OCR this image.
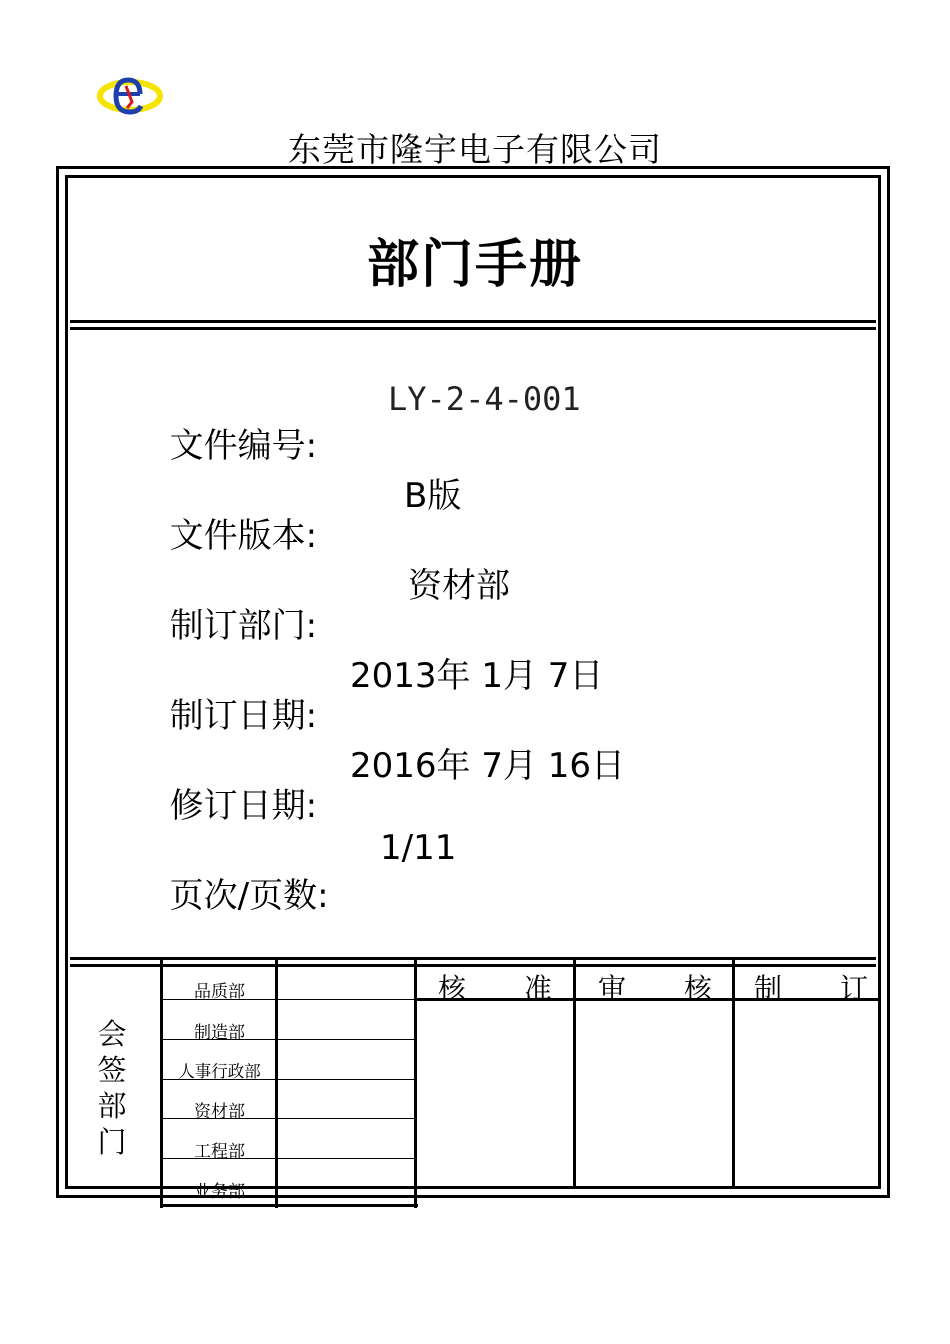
东莞市隆宇电子有限公司
部门手册

文件编号:
LY-2-4-001

文件版本:
B版

制订部门:
资材部

制订日期:
2013年 1月 7日

修订日期:
2016年 7月 16日

页次/页数:
1/11

会
签
部
门
品质部
制造部
人事行政部
资材部
工程部
业务部
核 准 审 核 制 订
